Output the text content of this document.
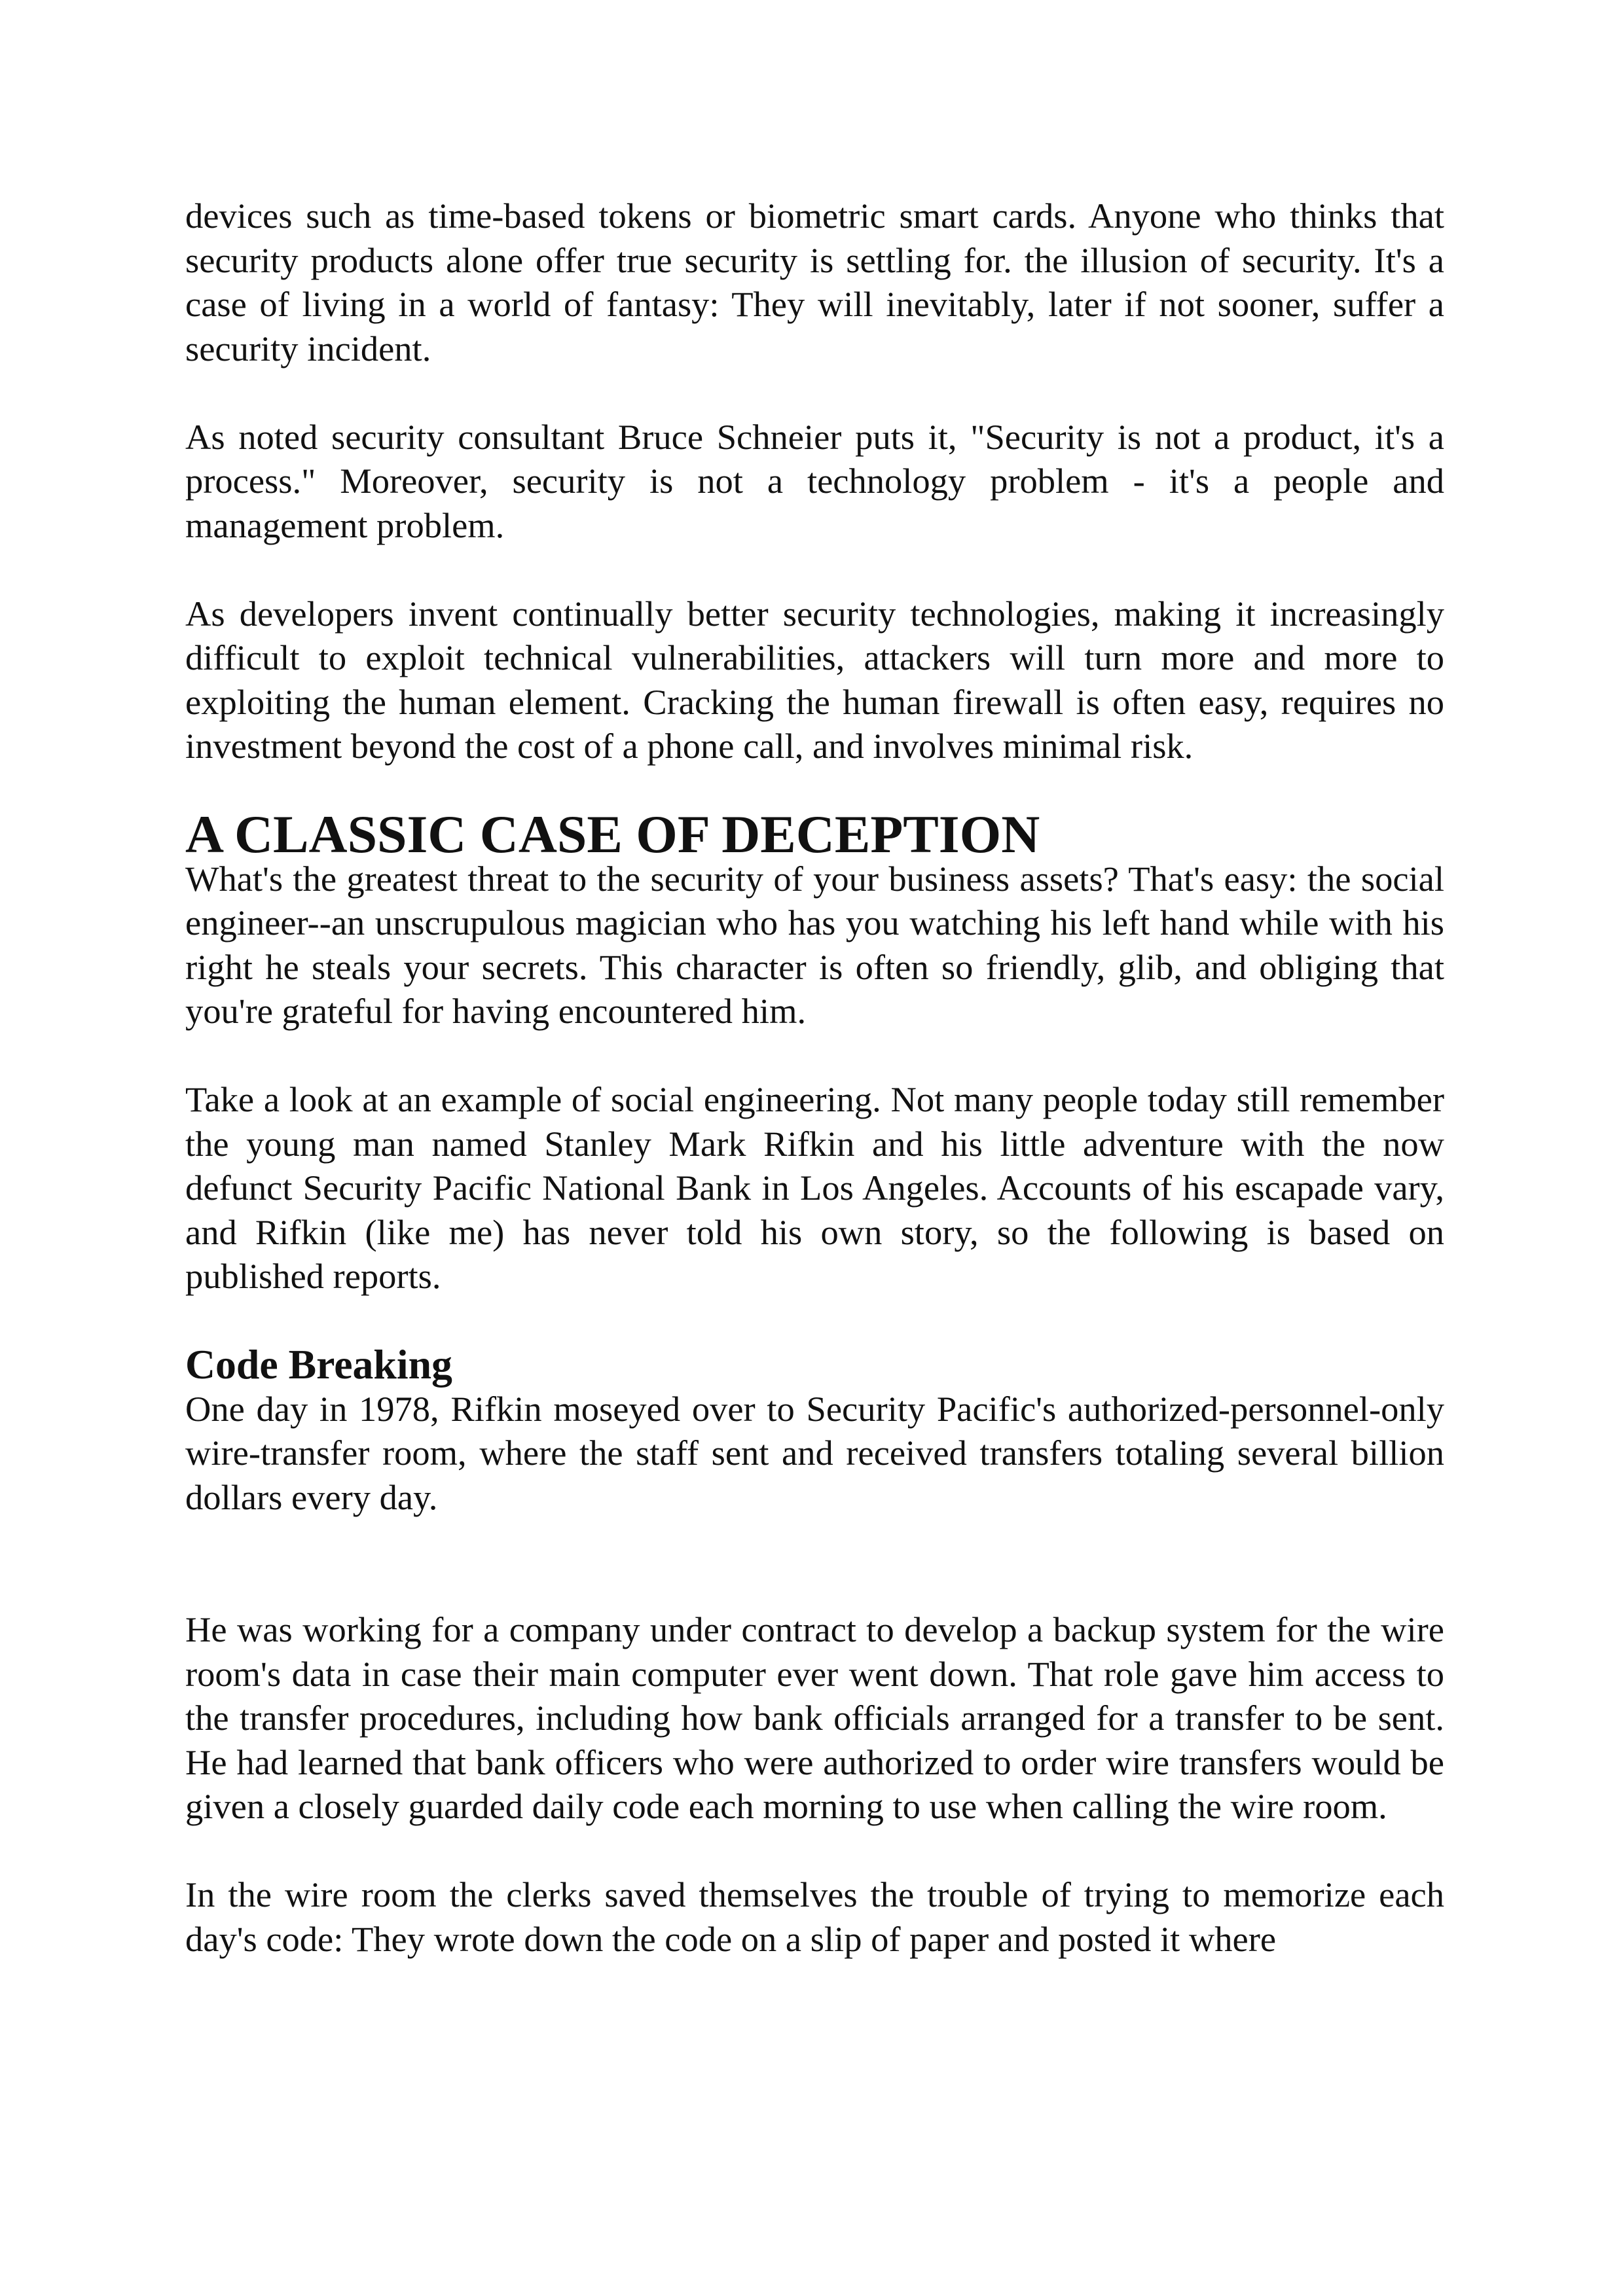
devices such as time-based tokens or biometric smart cards. Anyone who thinks that security products alone offer true security is settling for. the illusion of security. It's a case of living in a world of fantasy: They will inevitably, later if not sooner, suffer a security incident.

As noted security consultant Bruce Schneier puts it, "Security is not a product, it's a process." Moreover, security is not a technology problem - it's a people and management problem.

As developers invent continually better security technologies, making it increasingly difficult to exploit technical vulnerabilities, attackers will turn more and more to exploiting the human element. Cracking the human firewall is often easy, requires no investment beyond the cost of a phone call, and involves minimal risk.

A CLASSIC CASE OF DECEPTION

What's the greatest threat to the security of your business assets? That's easy: the social engineer--an unscrupulous magician who has you watching his left hand while with his right he steals your secrets. This character is often so friendly, glib, and obliging that you're grateful for having encountered him.

Take a look at an example of social engineering. Not many people today still remember the young man named Stanley Mark Rifkin and his little adventure with the now defunct Security Pacific National Bank in Los Angeles. Accounts of his escapade vary, and Rifkin (like me) has never told his own story, so the following is based on published reports.

Code Breaking

One day in 1978, Rifkin moseyed over to Security Pacific's authorized-personnel-only wire-transfer room, where the staff sent and received transfers totaling several billion dollars every day.

He was working for a company under contract to develop a backup system for the wire room's data in case their main computer ever went down. That role gave him access to the transfer procedures, including how bank officials arranged for a transfer to be sent. He had learned that bank officers who were authorized to order wire transfers would be given a closely guarded daily code each morning to use when calling the wire room.

In the wire room the clerks saved themselves the trouble of trying to memorize each day's code: They wrote down the code on a slip of paper and posted it where
